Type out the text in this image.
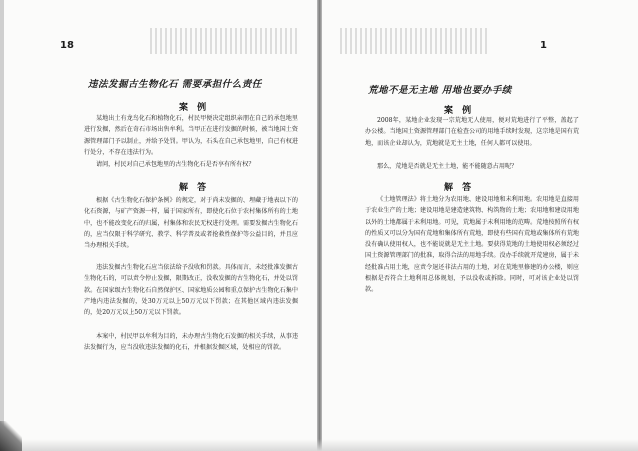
18
违法发掘古生物化石 需要承担什么责任
案 例
某地出土有龙鸟化石和植物化石，村民甲便决定组织亲朋在自己的承包地里进行发掘，然后在奇石市场出售牟利。当甲正在进行发掘的时候，被当地国土资源管理部门予以制止，并给予处罚。甲认为，石头在自己承包地里，自己有权进行处分，不存在违法行为。
请问，村民对自己承包地里的古生物化石是否享有所有权？
解 答
根据《古生物化石保护条例》的规定，对于尚未发掘的、埋藏于地表以下的化石资源，与矿产资源一样，属于国家所有，即使化石位于农村集体所有的土地中，也不能改变化石的归属，村集体和农民无权进行处理。需要发掘古生物化石的，应当仅限于科学研究、教学、科学普及或者抢救性保护等公益目的，并且应当办理相关手续。
违法发掘古生物化石应当依法给予没收和罚款。具体而言，未经批准发掘古生物化石的，可以责令停止发掘，限期改正，没收发掘的古生物化石，并处以罚款。在国家级古生物化石自然保护区、国家地质公园和重点保护古生物化石集中产地内违法发掘的，处30万元以上50万元以下罚款；在其他区域内违法发掘的，处20万元以上50万元以下罚款。
本案中，村民甲以牟利为目的，未办理古生物化石发掘的相关手续，从事违法发掘行为，应当没收违法发掘的化石，并根据发掘区域，处相应的罚款。
1
荒地不是无主地 用地也要办手续
案 例
2008年，某地企业发现一宗荒地无人使用，便对荒地进行了平整，盖起了办公楼。当地国土资源管理部门在检查公司的用地手续时发现，这宗地是国有荒地，而该企业却认为，荒地就是无主土地，任何人都可以使用。
那么，荒地是否就是无主土地，能不能随意占用呢？
解 答
《土地管理法》将土地分为农用地、建设用地和未利用地。农用地是直接用于农业生产的土地；建设用地是建造建筑物、构筑物的土地；农用地和建设用地以外的土地都属于未利用地。可见，荒地属于未利用地的范畴。荒地按照所有权的性质又可以分为国有荒地和集体所有荒地，即使有些国有荒地或集体所有荒地没有确认使用权人，也不能说就是无主土地。要获得荒地的土地使用权必须经过国土资源管理部门的批准，取得合法的用地手续。没办手续就开荒建房，属于未经批准占用土地，应责令退还非法占用的土地，对在荒地里修建的办公楼，则应根据是否符合土地利用总体规划，予以没收或拆除。同时，可对该企业处以罚款。
